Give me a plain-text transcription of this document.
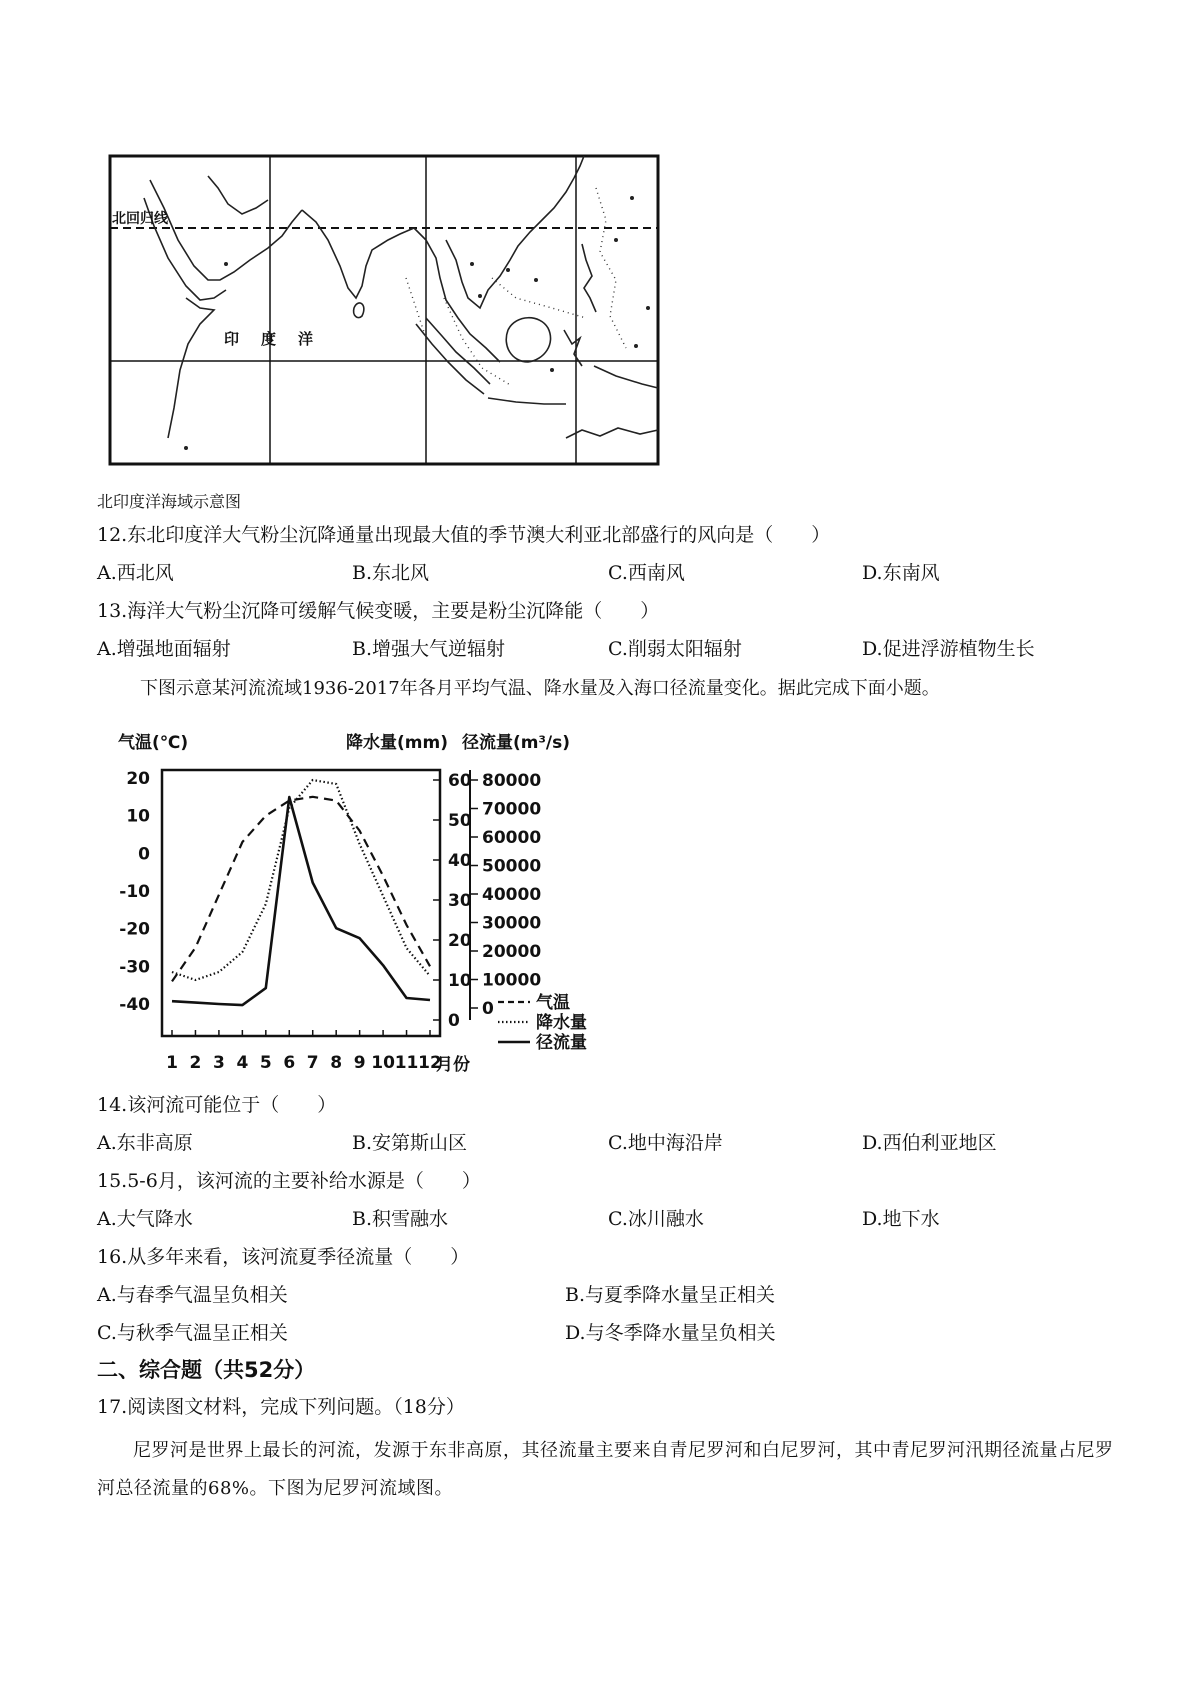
北回归线
印度洋
北印度洋海域示意图
12.东北印度洋大气粉尘沉降通量出现最大值的季节澳大利亚北部盛行的风向是（　　）
A.西北风	B.东北风	C.西南风	D.东南风
13.海洋大气粉尘沉降可缓解气候变暖，主要是粉尘沉降能（　　）
A.增强地面辐射	B.增强大气逆辐射	C.削弱太阳辐射	D.促进浮游植物生长
下图示意某河流流域1936-2017年各月平均气温、降水量及入海口径流量变化。据此完成下面小题。
气温(℃)	降水量(mm) 径流量(m³/s)
20
10
0
-10
-20
-30
-40
60
50
40
30
20
10
0
80000
70000
60000
50000
40000
30000
20000
10000
0
1 2 3 4 5 6 7 8 9 10 11 12
月份
气温
降水量
径流量
14.该河流可能位于（　　）
A.东非高原	B.安第斯山区	C.地中海沿岸	D.西伯利亚地区
15.5-6月，该河流的主要补给水源是（　　）
A.大气降水	B.积雪融水	C.冰川融水	D.地下水
16.从多年来看，该河流夏季径流量（　　）
A.与春季气温呈负相关	B.与夏季降水量呈正相关
C.与秋季气温呈正相关	D.与冬季降水量呈负相关
二、综合题（共52分）
17.阅读图文材料，完成下列问题。（18分）
尼罗河是世界上最长的河流，发源于东非高原，其径流量主要来自青尼罗河和白尼罗河，其中青尼罗河汛期径流量占尼罗河总径流量的68%。下图为尼罗河流域图。
